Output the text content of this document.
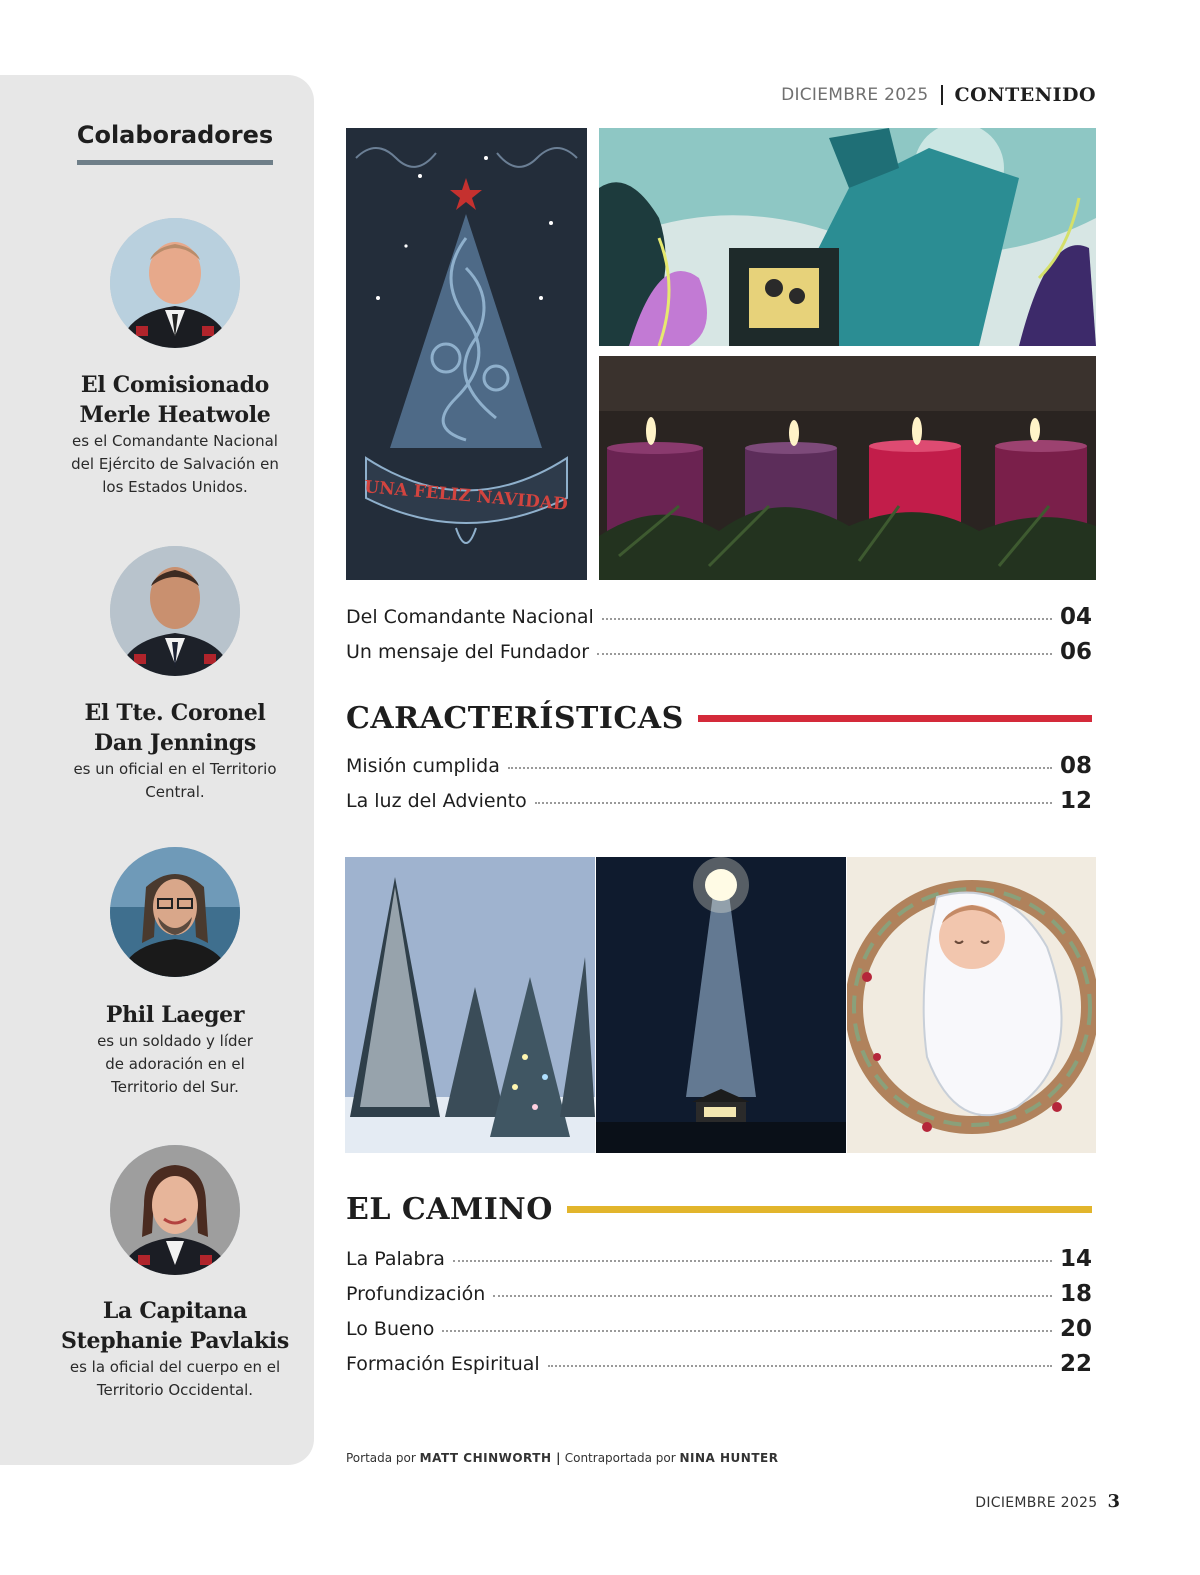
Colaboradores
El Comisionado
Merle Heatwole
es el Comandante Nacional
del Ejército de Salvación en
los Estados Unidos.
El Tte. Coronel
Dan Jennings
es un oficial en el Territorio
Central.
Phil Laeger
es un soldado y líder
de adoración en el
Territorio del Sur.
La Capitana
Stephanie Pavlakis
es la oficial del cuerpo en el
Territorio Occidental.
DICIEMBRE 2025 CONTENIDO
UNA FELIZ NAVIDAD
Del Comandante Nacional	04
Un mensaje del Fundador	06
CARACTERÍSTICAS
Misión cumplida	08
La luz del Adviento	12
EL CAMINO
La Palabra	14
Profundización	18
Lo Bueno	20
Formación Espiritual	22
Portada por MATT CHINWORTH | Contraportada por NINA HUNTER
DICIEMBRE 2025 3
